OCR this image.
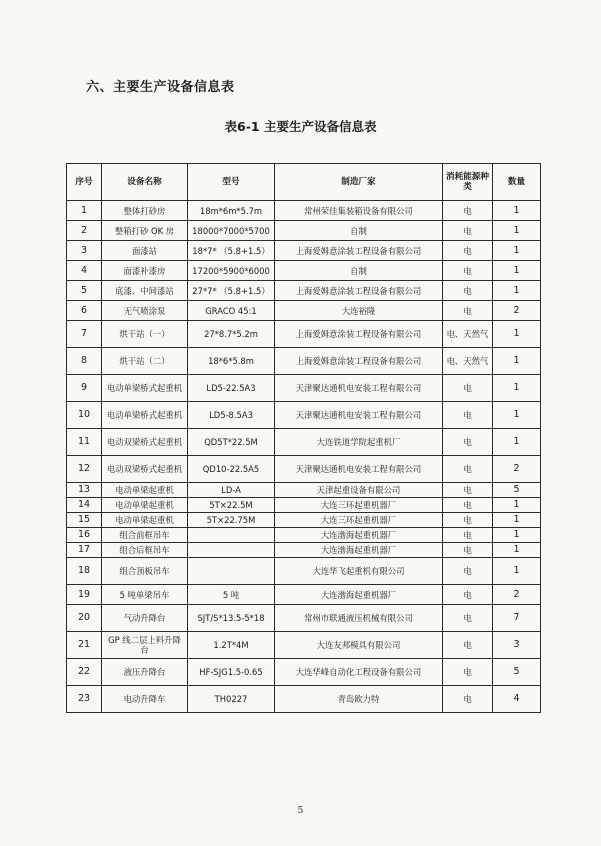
六、主要生产设备信息表
表6-1 主要生产设备信息表
序号	设备名称	型号	制造厂家	消耗能源种类	数量
1	整体打砂房	18m*6m*5.7m	常州荣佳集装箱设备有限公司	电	1
2	整箱打砂 OK 房	18000*7000*5700	自制	电	1
3	面漆站	18*7* （5.8+1.5）	上海爱姆意涂装工程设备有限公司	电	1
4	面漆补漆房	17200*5900*6000	自制	电	1
5	底漆、中间漆站	27*7* （5.8+1.5）	上海爱姆意涂装工程设备有限公司	电	1
6	无气喷涂泵	GRACO 45:1	大连裕隆	电	2
7	烘干站（一）	27*8.7*5.2m	上海爱姆意涂装工程设备有限公司	电、天然气	1
8	烘干站（二）	18*6*5.8m	上海爱姆意涂装工程设备有限公司	电、天然气	1
9	电动单梁桥式起重机	LD5-22.5A3	天津聚达通机电安装工程有限公司	电	1
10	电动单梁桥式起重机	LD5-8.5A3	天津聚达通机电安装工程有限公司	电	1
11	电动双梁桥式起重机	QD5T*22.5M	大连铁道学院起重机厂	电	1
12	电动双梁桥式起重机	QD10-22.5A5	天津聚达通机电安装工程有限公司	电	2
13	电动单梁起重机	LD-A	天津起重设备有限公司	电	5
14	电动单梁起重机	5T×22.5M	大连三环起重机器厂	电	1
15	电动单梁起重机	5T×22.75M	大连三环起重机器厂	电	1
16	组合前框吊车		大连渤海起重机器厂	电	1
17	组合后框吊车		大连渤海起重机器厂	电	1
18	组合顶板吊车		大连华飞起重机有限公司	电	1
19	5 吨单梁吊车	5 吨	大连渤海起重机器厂	电	2
20	气动升降台	SJT/S*13.5-5*18	常州市联通液压机械有限公司	电	7
21	GP 线二层上料升降台	1.2T*4M	大连友邦模具有限公司	电	3
22	液压升降台	HF-SJG1.5-0.65	大连华峰自动化工程设备有限公司	电	5
23	电动升降车	TH0227	青岛欧力特	电	4
5
